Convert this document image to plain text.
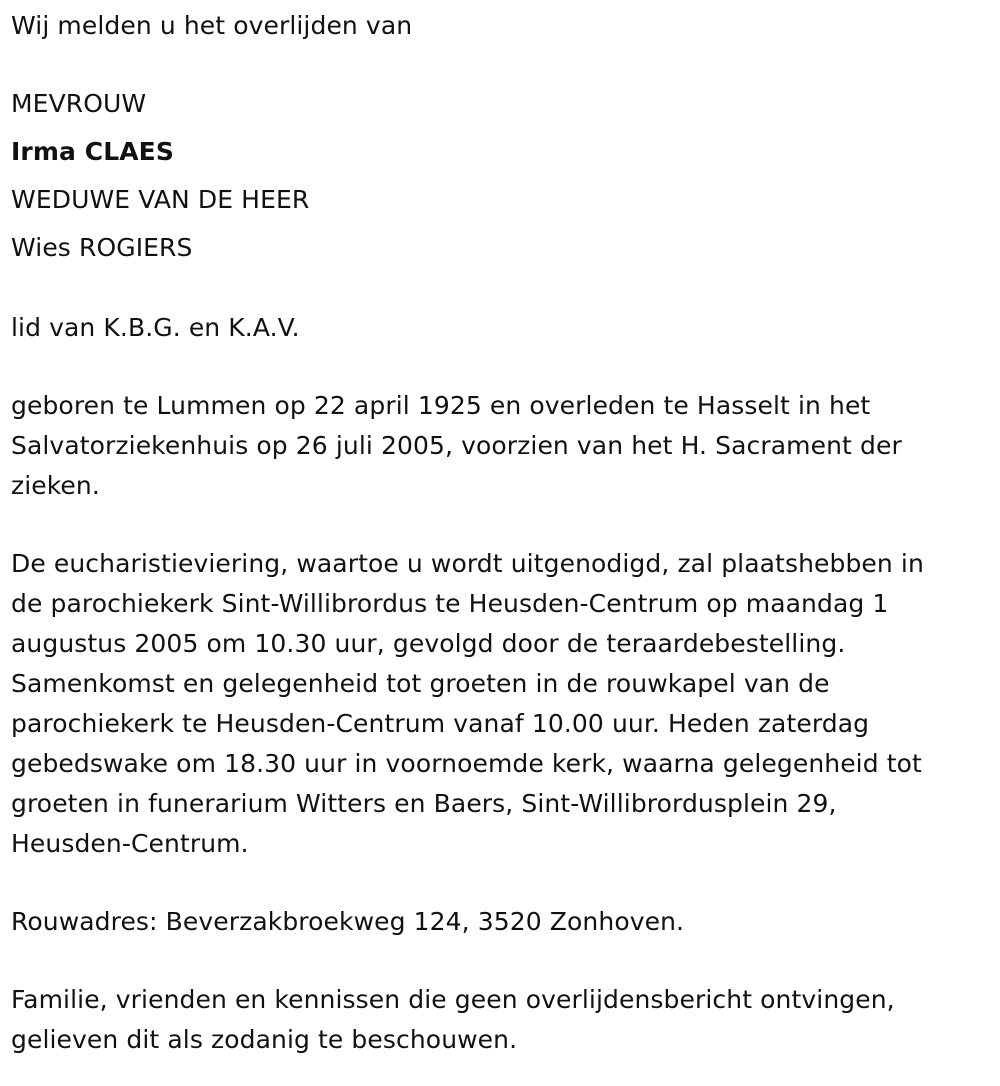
Wij melden u het overlijden van

MEVROUW

Irma CLAES

WEDUWE VAN DE HEER

Wies ROGIERS

lid van K.B.G. en K.A.V.

geboren te Lummen op 22 april 1925 en overleden te Hasselt in het

Salvatorziekenhuis op 26 juli 2005, voorzien van het H. Sacrament der

zieken.

De eucharistieviering, waartoe u wordt uitgenodigd, zal plaatshebben in

de parochiekerk Sint-Willibrordus te Heusden-Centrum op maandag 1

augustus 2005 om 10.30 uur, gevolgd door de teraardebestelling.

Samenkomst en gelegenheid tot groeten in de rouwkapel van de

parochiekerk te Heusden-Centrum vanaf 10.00 uur. Heden zaterdag

gebedswake om 18.30 uur in voornoemde kerk, waarna gelegenheid tot

groeten in funerarium Witters en Baers, Sint-Willibrordusplein 29,

Heusden-Centrum.

Rouwadres: Beverzakbroekweg 124, 3520 Zonhoven.

Familie, vrienden en kennissen die geen overlijdensbericht ontvingen,

gelieven dit als zodanig te beschouwen.
